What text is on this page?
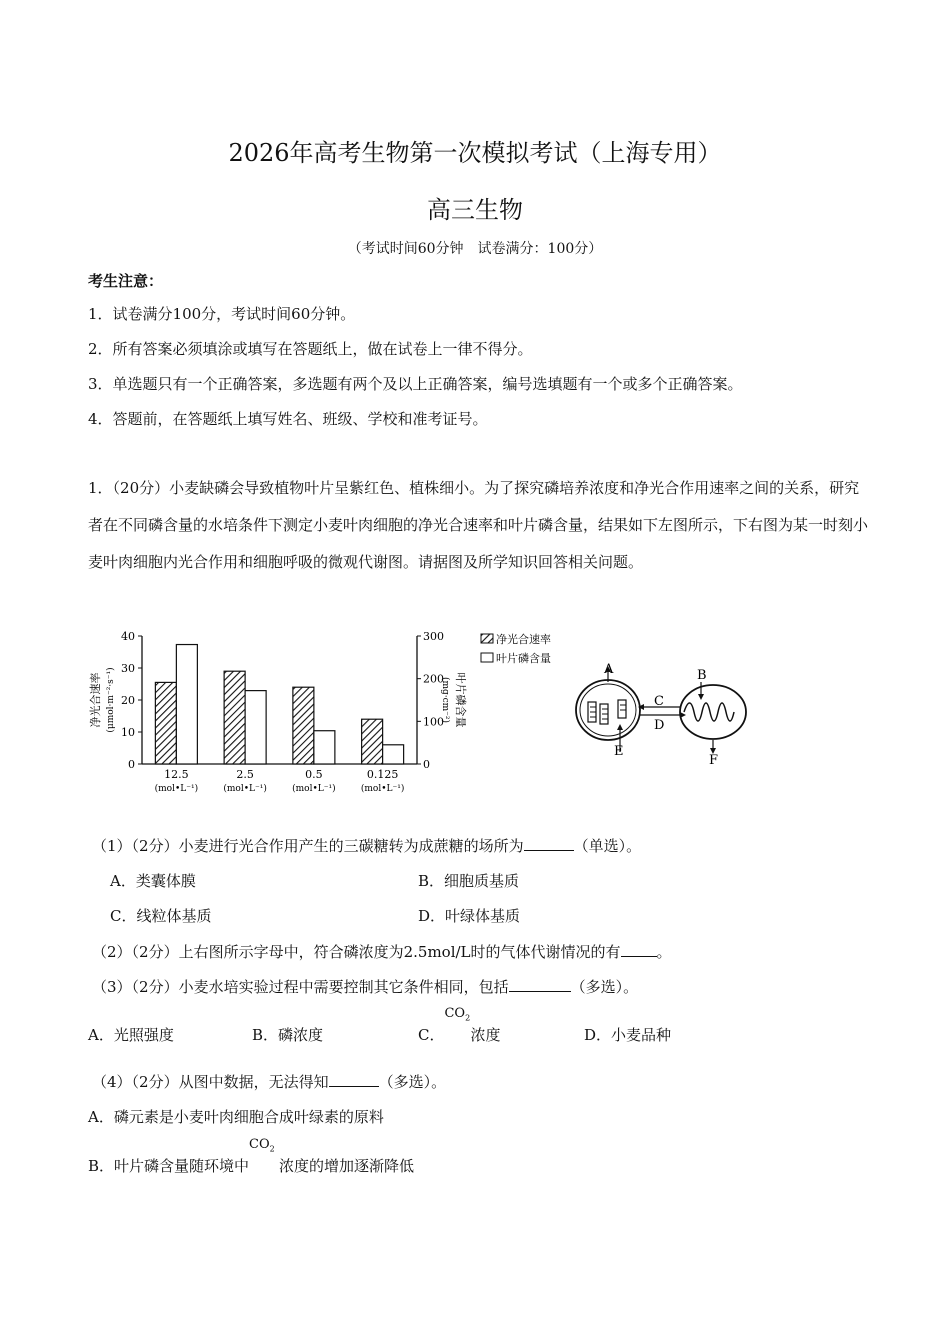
2026年高考生物第一次模拟考试（上海专用）
高三生物
（考试时间60分钟　试卷满分：100分）
考生注意：
1．试卷满分100分，考试时间60分钟。
2．所有答案必须填涂或填写在答题纸上，做在试卷上一律不得分。
3．单选题只有一个正确答案，多选题有两个及以上正确答案，编号选填题有一个或多个正确答案。
4．答题前，在答题纸上填写姓名、班级、学校和准考证号。
1．（20分）小麦缺磷会导致植物叶片呈紫红色、植株细小。为了探究磷培养浓度和净光合作用速率之间的关系，研究者在不同磷含量的水培条件下测定小麦叶肉细胞的净光合速率和叶片磷含量，结果如下左图所示，下右图为某一时刻小麦叶肉细胞内光合作用和细胞呼吸的微观代谢图。请据图及所学知识回答相关问题。
0
10
20
30
40
0
100
200
300
净光合速率 (μmol·m⁻²·s⁻¹)	叶片磷含量
(mg·cm⁻²)
12.5
(mol•L⁻¹)
2.5
(mol•L⁻¹)
0.5
(mol•L⁻¹)
0.125
(mol•L⁻¹)
净光合速率
叶片磷含量
A	B
C
D
E
F
（1）（2分）小麦进行光合作用产生的三碳糖转为成蔗糖的场所为	（单选）。
A．类囊体膜	B．细胞质基质
C．线粒体基质	D．叶绿体基质
（2）（2分）上右图所示字母中，符合磷浓度为2.5mol/L时的气体代谢情况的有 。
（3）（2分）小麦水培实验过程中需要控制其它条件相同，包括	（多选）。
A．光照强度	B．磷浓度	C．
$CO_2$
浓度	D．小麦品种
（4）（2分）从图中数据，无法得知	（多选）。
A．磷元素是小麦叶肉细胞合成叶绿素的原料
B．叶片磷含量随环境中
$CO_2$
浓度的增加逐渐降低
